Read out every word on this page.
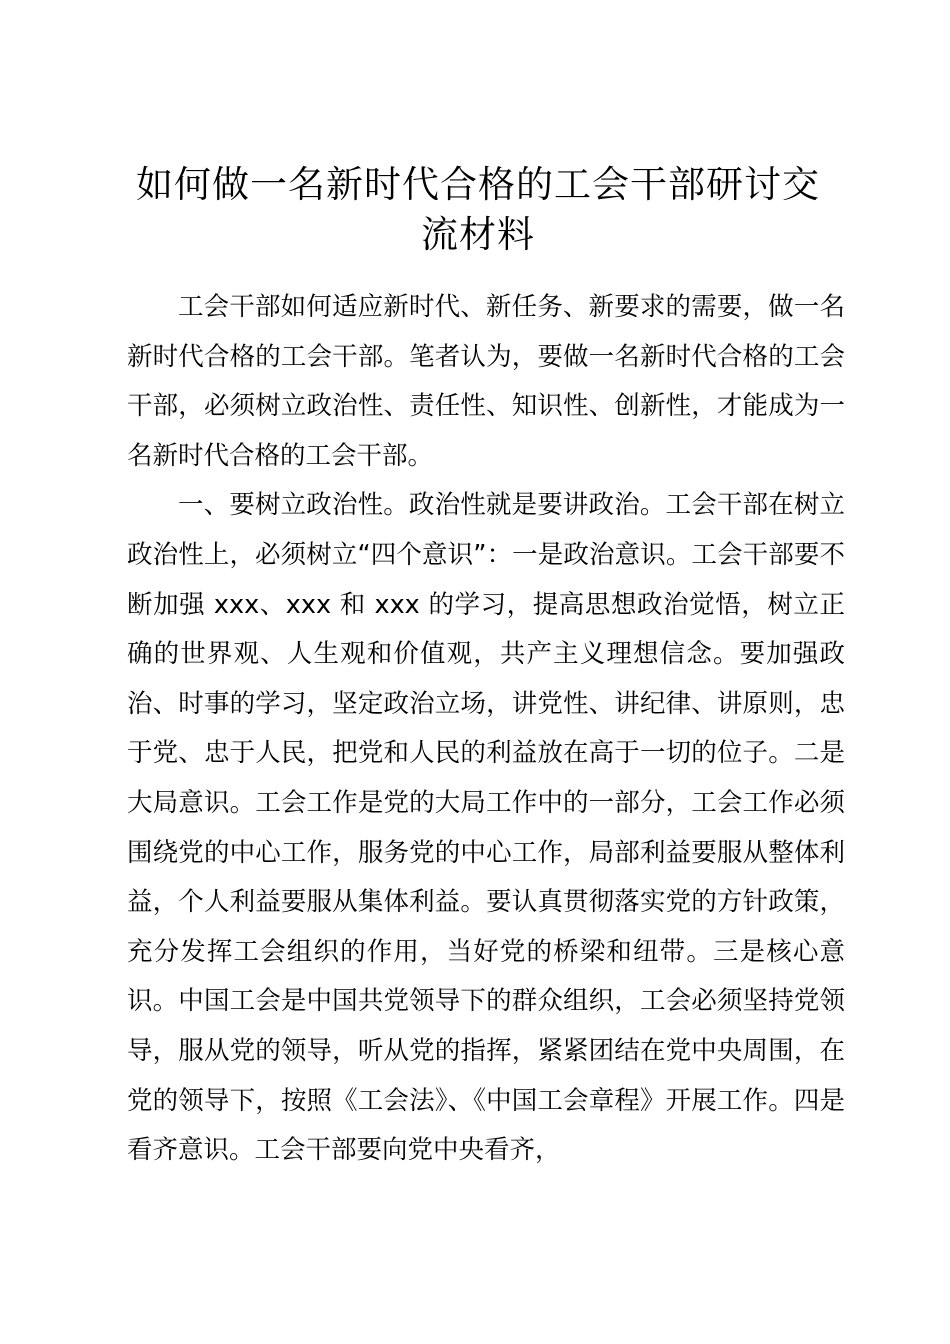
如何做一名新时代合格的工会干部研讨交流材料

工会干部如何适应新时代、新任务、新要求的需要，做一名新时代合格的工会干部。笔者认为，要做一名新时代合格的工会干部，必须树立政治性、责任性、知识性、创新性，才能成为一名新时代合格的工会干部。

一、要树立政治性。政治性就是要讲政治。工会干部在树立政治性上，必须树立“四个意识”：一是政治意识。工会干部要不断加强 xxx、xxx 和 xxx 的学习，提高思想政治觉悟，树立正确的世界观、人生观和价值观，共产主义理想信念。要加强政治、时事的学习，坚定政治立场，讲党性、讲纪律、讲原则，忠于党、忠于人民，把党和人民的利益放在高于一切的位子。二是大局意识。工会工作是党的大局工作中的一部分，工会工作必须围绕党的中心工作，服务党的中心工作，局部利益要服从整体利益，个人利益要服从集体利益。要认真贯彻落实党的方针政策，充分发挥工会组织的作用，当好党的桥梁和纽带。三是核心意识。中国工会是中国共党领导下的群众组织，工会必须坚持党领导，服从党的领导，听从党的指挥，紧紧团结在党中央周围，在党的领导下，按照《工会法》、《中国工会章程》开展工作。四是看齐意识。工会干部要向党中央看齐，
